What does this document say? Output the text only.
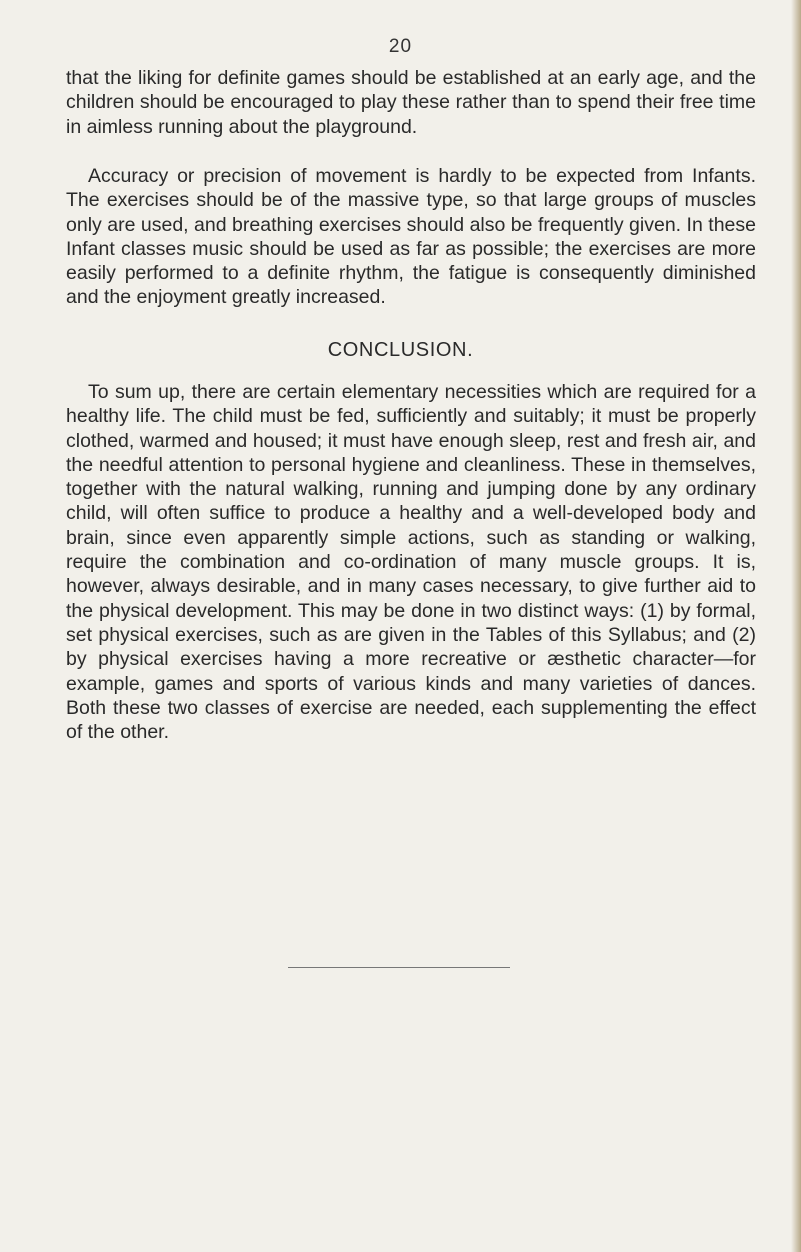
20

that the liking for definite games should be established at an early age, and the children should be encouraged to play these rather than to spend their free time in aimless running about the playground.

Accuracy or precision of movement is hardly to be expected from Infants. The exercises should be of the massive type, so that large groups of muscles only are used, and breathing exercises should also be frequently given. In these Infant classes music should be used as far as possible; the exercises are more easily performed to a definite rhythm, the fatigue is consequently diminished and the enjoyment greatly increased.

CONCLUSION.

To sum up, there are certain elementary necessities which are required for a healthy life. The child must be fed, sufficiently and suitably; it must be properly clothed, warmed and housed; it must have enough sleep, rest and fresh air, and the needful attention to personal hygiene and cleanliness. These in themselves, together with the natural walking, running and jumping done by any ordinary child, will often suffice to produce a healthy and a well-developed body and brain, since even apparently simple actions, such as standing or walking, require the combination and co-ordination of many muscle groups. It is, however, always desirable, and in many cases necessary, to give further aid to the physical development. This may be done in two distinct ways: (1) by formal, set physical exercises, such as are given in the Tables of this Syllabus; and (2) by physical exercises having a more recreative or æsthetic character—for example, games and sports of various kinds and many varieties of dances. Both these two classes of exercise are needed, each supplementing the effect of the other.
